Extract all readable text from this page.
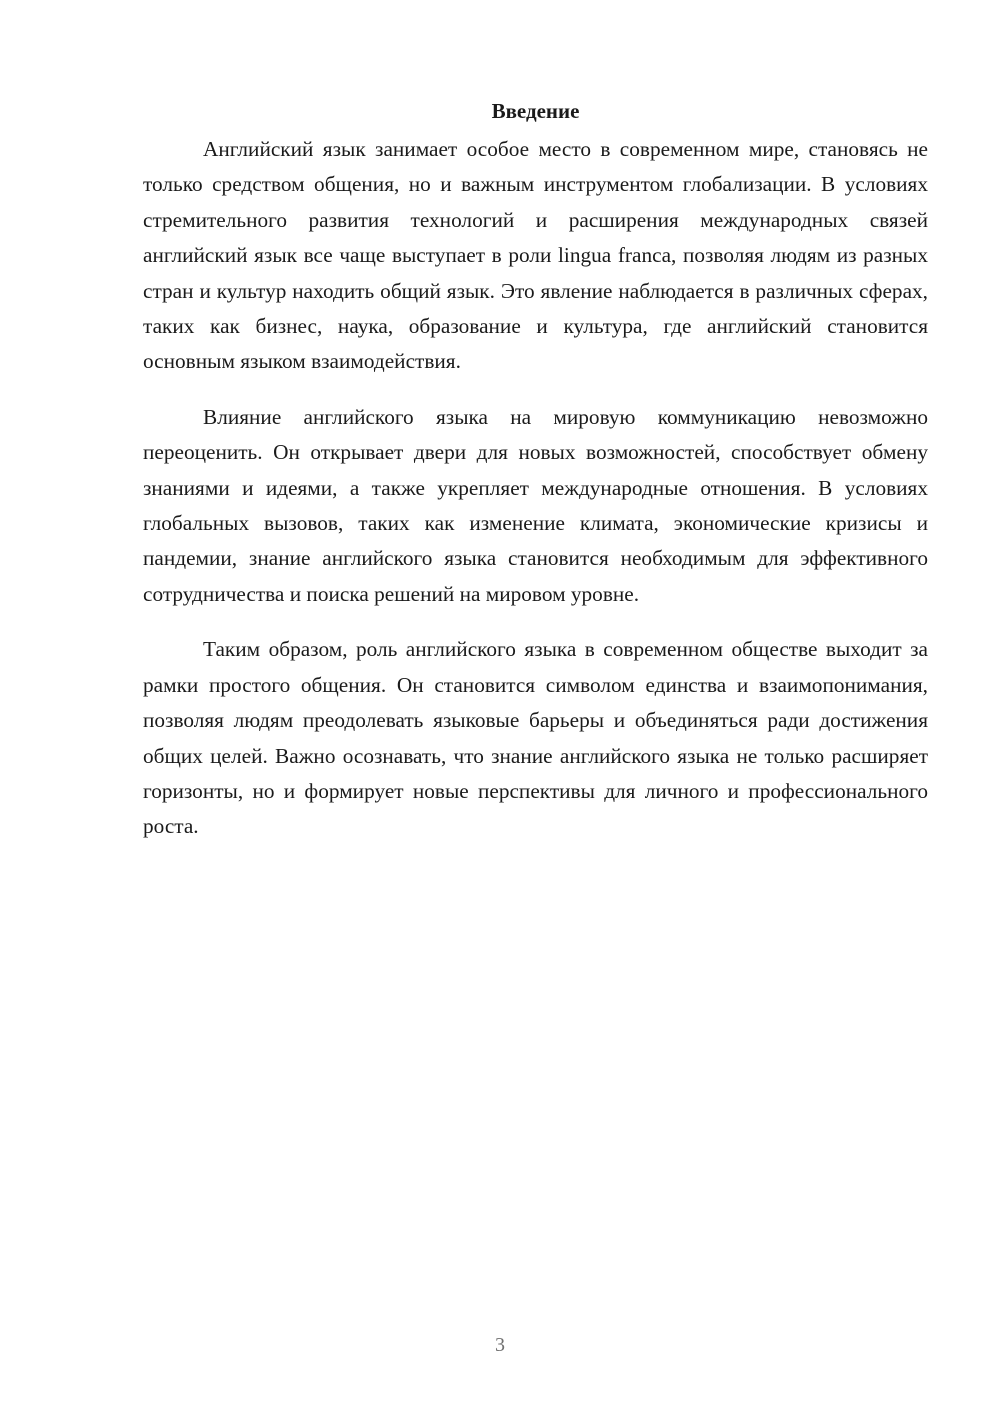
Введение

Английский язык занимает особое место в современном мире, становясь не только средством общения, но и важным инструментом глобализации. В условиях стремительного развития технологий и расширения международных связей английский язык все чаще выступает в роли lingua franca, позволяя людям из разных стран и культур находить общий язык. Это явление наблюдается в различных сферах, таких как бизнес, наука, образование и культура, где английский становится основным языком взаимодействия.

Влияние английского языка на мировую коммуникацию невозможно переоценить. Он открывает двери для новых возможностей, способствует обмену знаниями и идеями, а также укрепляет международные отношения. В условиях глобальных вызовов, таких как изменение климата, экономические кризисы и пандемии, знание английского языка становится необходимым для эффективного сотрудничества и поиска решений на мировом уровне.

Таким образом, роль английского языка в современном обществе выходит за рамки простого общения. Он становится символом единства и взаимопонимания, позволяя людям преодолевать языковые барьеры и объединяться ради достижения общих целей. Важно осознавать, что знание английского языка не только расширяет горизонты, но и формирует новые перспективы для личного и профессионального роста.

3
